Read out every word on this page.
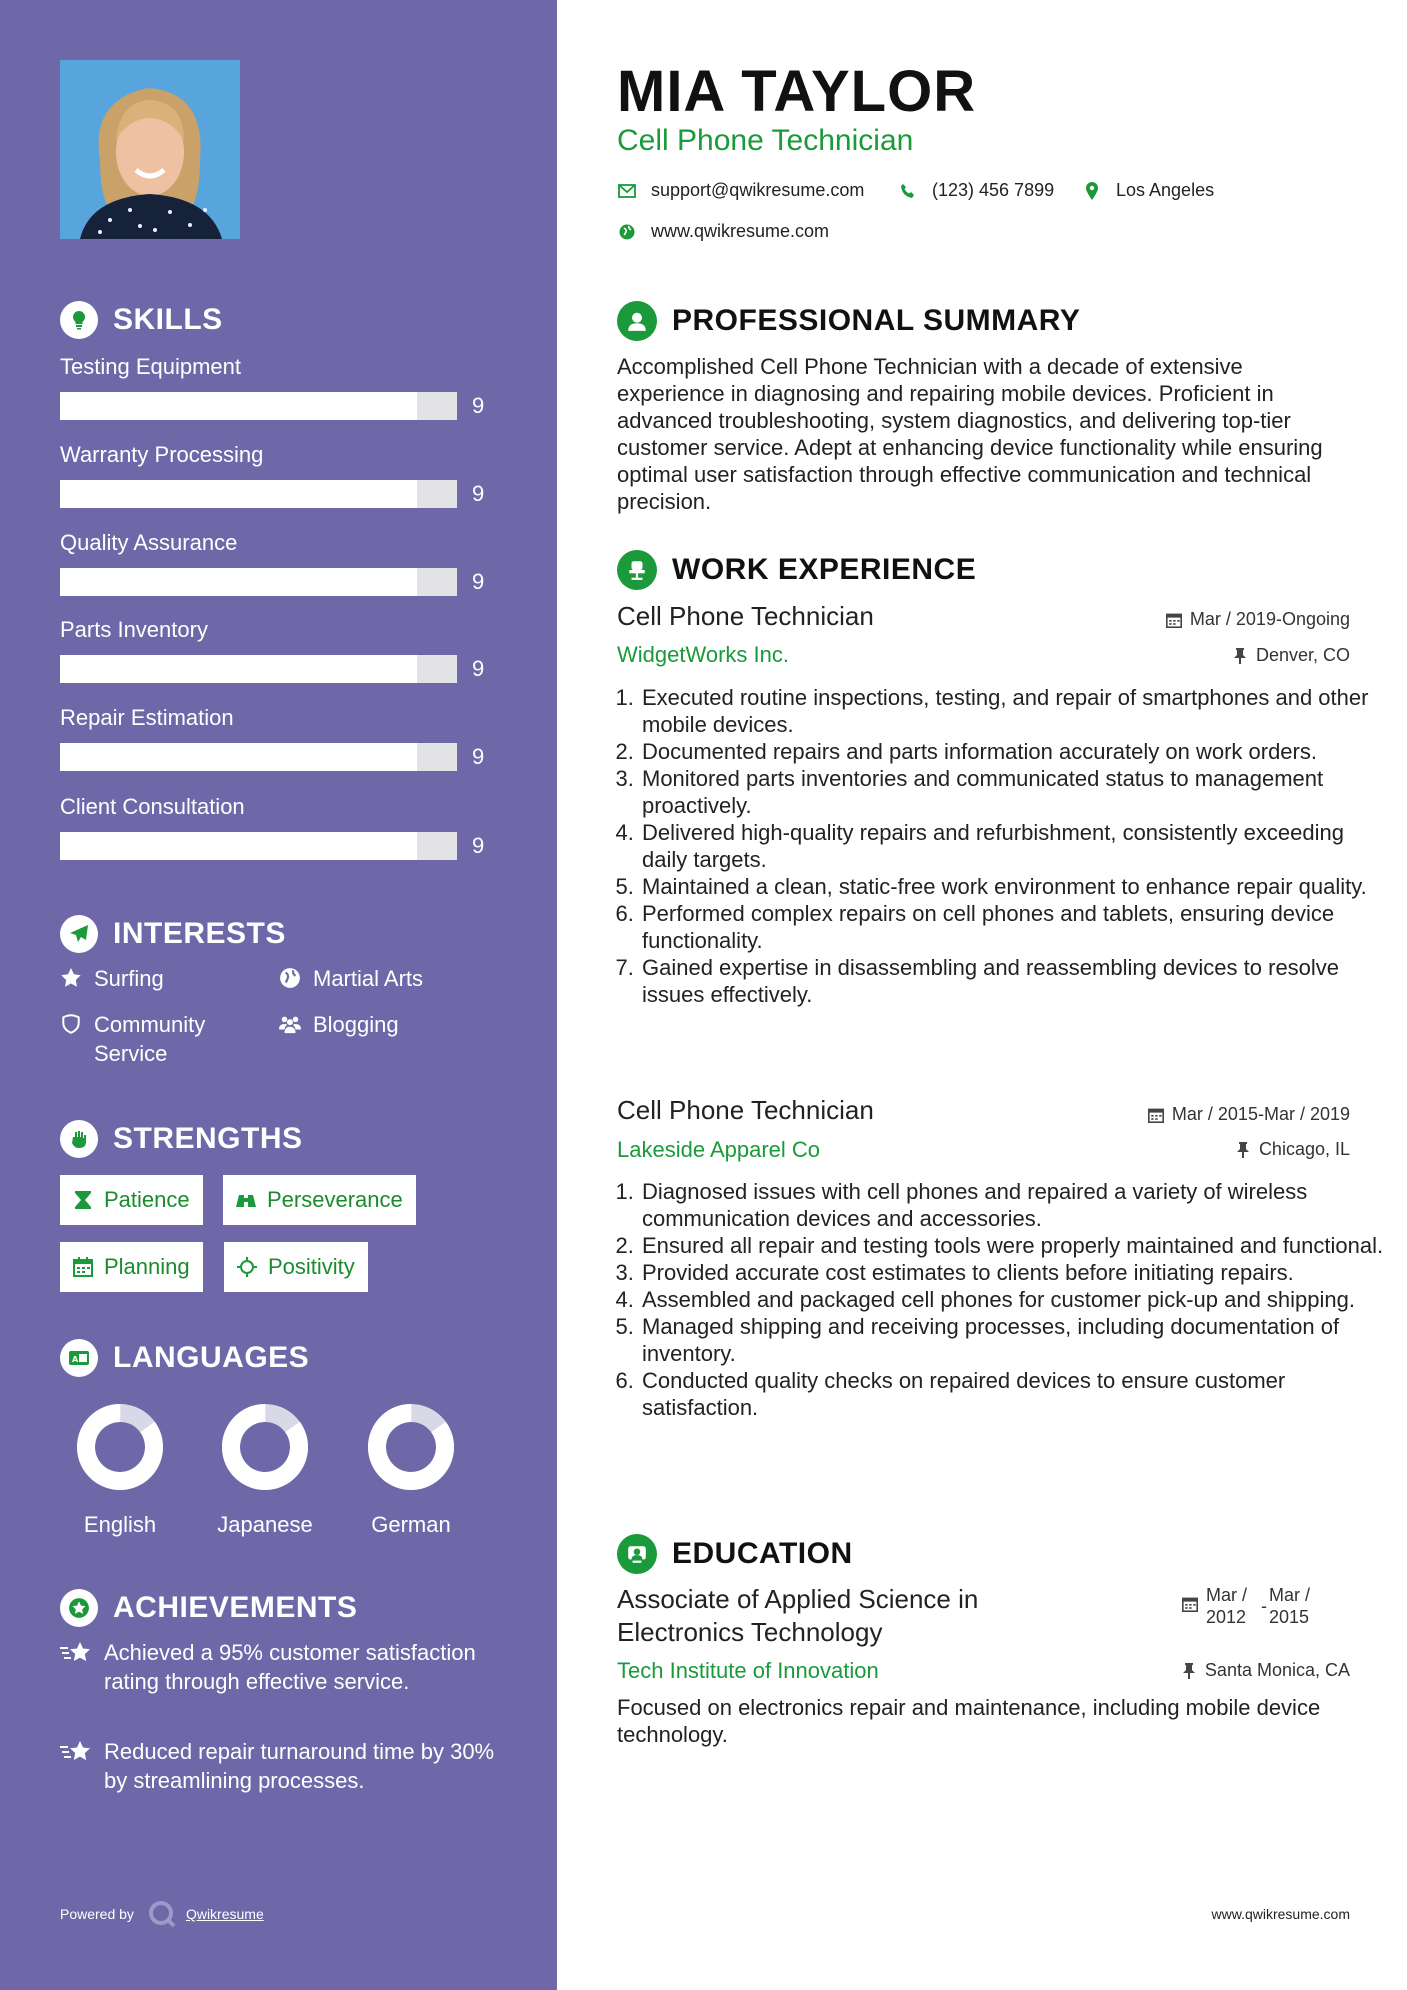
SKILLS
Testing Equipment
9
Warranty Processing
9
Quality Assurance
9
Parts Inventory
9
Repair Estimation
9
Client Consultation
9
INTERESTS
Surfing	Martial Arts
Community Service
Blogging
STRENGTHS
Patience	Perseverance
Planning	Positivity
A LANGUAGES
English	Japanese	German
ACHIEVEMENTS
Achieved a 95% customer satisfaction rating through effective service.
Reduced repair turnaround time by 30% by streamlining processes.
Powered by	Qwikresume
MIA TAYLOR
Cell Phone Technician
support@qwikresume.com	(123) 456 7899	Los Angeles
www.qwikresume.com
PROFESSIONAL SUMMARY
Accomplished Cell Phone Technician with a decade of extensive experience in diagnosing and repairing mobile devices. Proficient in advanced troubleshooting, system diagnostics, and delivering top-tier customer service. Adept at enhancing device functionality while ensuring optimal user satisfaction through effective communication and technical precision.
WORK EXPERIENCE
Cell Phone Technician	Mar / 2019-Ongoing
WidgetWorks Inc.	Denver, CO
1. Executed routine inspections, testing, and repair of smartphones and other mobile devices.
2. Documented repairs and parts information accurately on work orders.
3. Monitored parts inventories and communicated status to management proactively.
4. Delivered high-quality repairs and refurbishment, consistently exceeding daily targets.
5. Maintained a clean, static-free work environment to enhance repair quality.
6. Performed complex repairs on cell phones and tablets, ensuring device functionality.
7. Gained expertise in disassembling and reassembling devices to resolve issues effectively.
Cell Phone Technician	Mar / 2015-Mar / 2019
Lakeside Apparel Co	Chicago, IL
1. Diagnosed issues with cell phones and repaired a variety of wireless communication devices and accessories.
2. Ensured all repair and testing tools were properly maintained and functional.
3. Provided accurate cost estimates to clients before initiating repairs.
4. Assembled and packaged cell phones for customer pick-up and shipping.
5. Managed shipping and receiving processes, including documentation of inventory.
6. Conducted quality checks on repaired devices to ensure customer satisfaction.
EDUCATION
Associate of Applied Science in Electronics Technology
Mar /
2012
-
Mar /
2015
Tech Institute of Innovation	Santa Monica, CA
Focused on electronics repair and maintenance, including mobile device technology.
www.qwikresume.com
